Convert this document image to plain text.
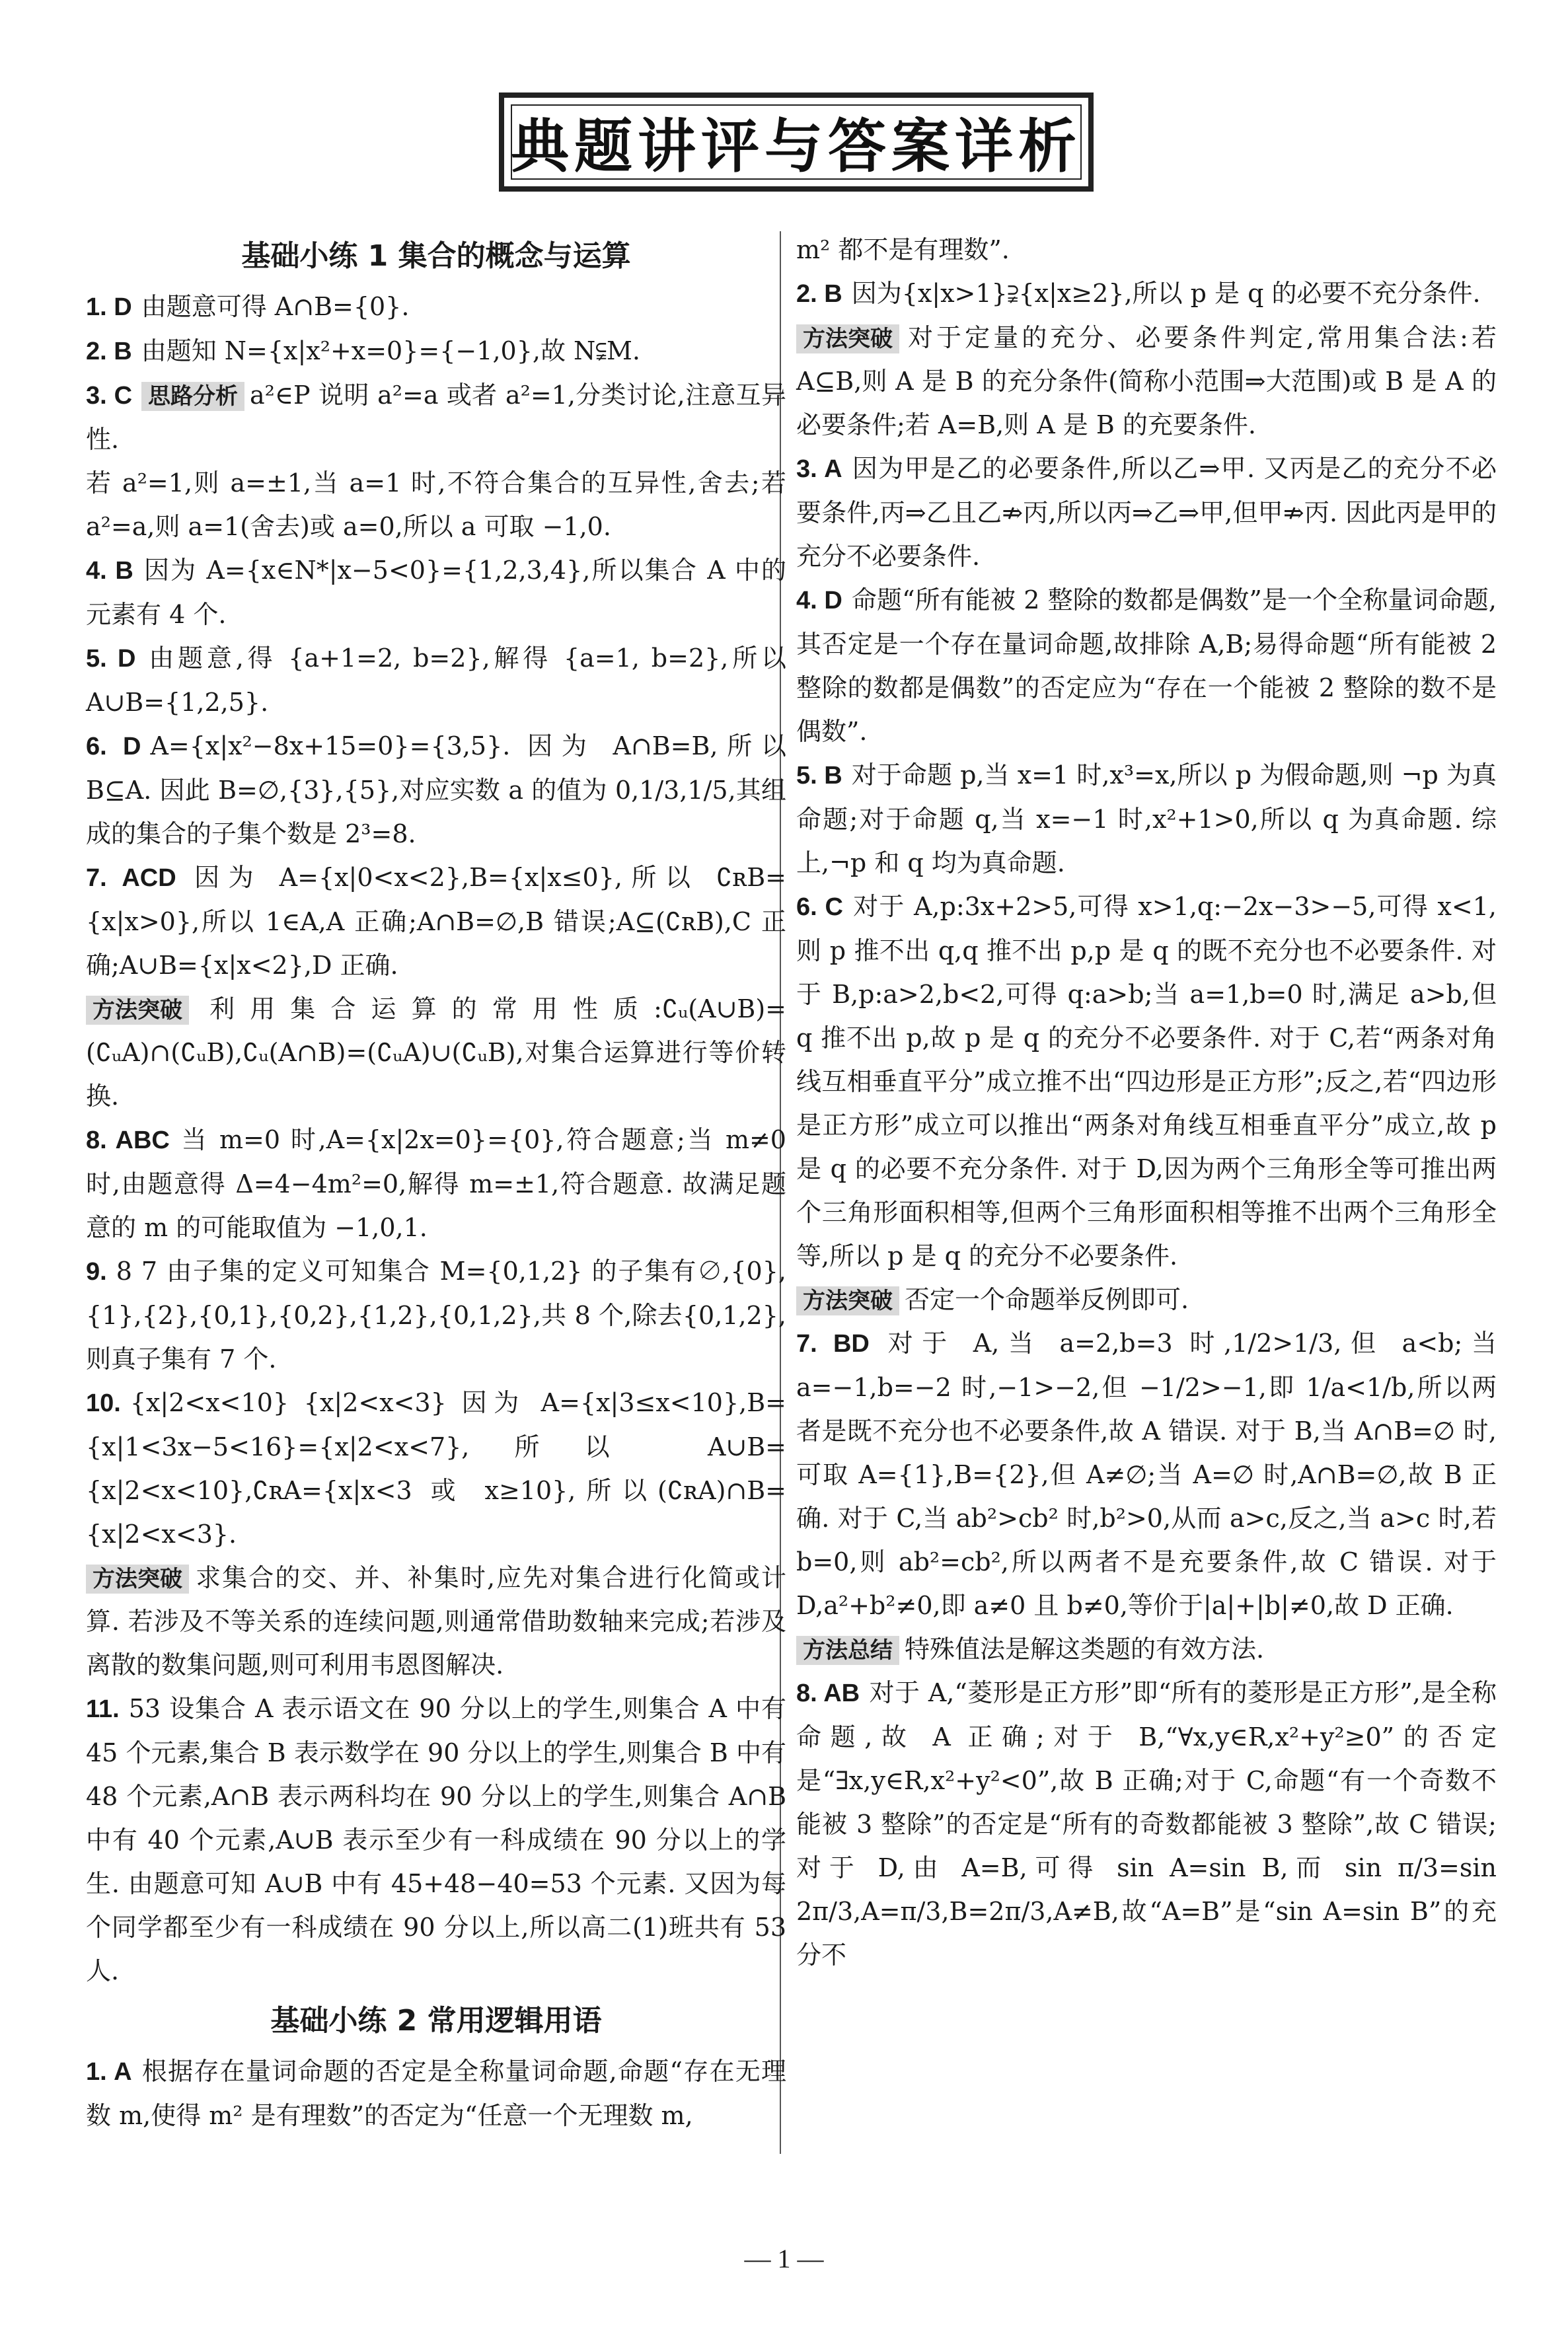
典题讲评与答案详析
基础小练 1 集合的概念与运算
1. D 由题意可得 A∩B={0}.
2. B 由题知 N={x|x²+x=0}={−1,0},故 N⫋M.
3. C 思路分析 a²∈P 说明 a²=a 或者 a²=1,分类讨论,注意互异性.
若 a²=1,则 a=±1,当 a=1 时,不符合集合的互异性,舍去;若 a²=a,则 a=1(舍去)或 a=0,所以 a 可取 −1,0.
4. B 因为 A={x∈N*|x−5<0}={1,2,3,4},所以集合 A 中的元素有 4 个.
5. D 由题意,得 {a+1=2, b=2},解得 {a=1, b=2},所以 A∪B={1,2,5}.
6. D A={x|x²−8x+15=0}={3,5}. 因为 A∩B=B,所以 B⊆A. 因此 B=∅,{3},{5},对应实数 a 的值为 0,1/3,1/5,其组成的集合的子集个数是 2³=8.
7. ACD 因为 A={x|0<x<2},B={x|x≤0},所以 ∁ʀB={x|x>0},所以 1∈A,A 正确;A∩B=∅,B 错误;A⊆(∁ʀB),C 正确;A∪B={x|x<2},D 正确.
方法突破 利用集合运算的常用性质:∁ᵤ(A∪B)=(∁ᵤA)∩(∁ᵤB),∁ᵤ(A∩B)=(∁ᵤA)∪(∁ᵤB),对集合运算进行等价转换.
8. ABC 当 m=0 时,A={x|2x=0}={0},符合题意;当 m≠0 时,由题意得 Δ=4−4m²=0,解得 m=±1,符合题意. 故满足题意的 m 的可能取值为 −1,0,1.
9. 8 7 由子集的定义可知集合 M={0,1,2} 的子集有∅,{0},{1},{2},{0,1},{0,2},{1,2},{0,1,2},共 8 个,除去{0,1,2},则真子集有 7 个.
10. {x|2<x<10} {x|2<x<3} 因为 A={x|3≤x<10},B={x|1<3x−5<16}={x|2<x<7},所以 A∪B={x|2<x<10},∁ʀA={x|x<3 或 x≥10},所以(∁ʀA)∩B={x|2<x<3}.
方法突破 求集合的交、并、补集时,应先对集合进行化简或计算. 若涉及不等关系的连续问题,则通常借助数轴来完成;若涉及离散的数集问题,则可利用韦恩图解决.
11. 53 设集合 A 表示语文在 90 分以上的学生,则集合 A 中有 45 个元素,集合 B 表示数学在 90 分以上的学生,则集合 B 中有 48 个元素,A∩B 表示两科均在 90 分以上的学生,则集合 A∩B 中有 40 个元素,A∪B 表示至少有一科成绩在 90 分以上的学生. 由题意可知 A∪B 中有 45+48−40=53 个元素. 又因为每个同学都至少有一科成绩在 90 分以上,所以高二(1)班共有 53 人.
基础小练 2 常用逻辑用语
1. A 根据存在量词命题的否定是全称量词命题,命题“存在无理数 m,使得 m² 是有理数”的否定为“任意一个无理数 m,
m² 都不是有理数”.
2. B 因为{x|x>1}⫌{x|x≥2},所以 p 是 q 的必要不充分条件.
方法突破 对于定量的充分、必要条件判定,常用集合法:若 A⊆B,则 A 是 B 的充分条件(简称小范围⇒大范围)或 B 是 A 的必要条件;若 A=B,则 A 是 B 的充要条件.
3. A 因为甲是乙的必要条件,所以乙⇒甲. 又丙是乙的充分不必要条件,丙⇒乙且乙⇏丙,所以丙⇒乙⇒甲,但甲⇏丙. 因此丙是甲的充分不必要条件.
4. D 命题“所有能被 2 整除的数都是偶数”是一个全称量词命题,其否定是一个存在量词命题,故排除 A,B;易得命题“所有能被 2 整除的数都是偶数”的否定应为“存在一个能被 2 整除的数不是偶数”.
5. B 对于命题 p,当 x=1 时,x³=x,所以 p 为假命题,则 ¬p 为真命题;对于命题 q,当 x=−1 时,x²+1>0,所以 q 为真命题. 综上,¬p 和 q 均为真命题.
6. C 对于 A,p:3x+2>5,可得 x>1,q:−2x−3>−5,可得 x<1,则 p 推不出 q,q 推不出 p,p 是 q 的既不充分也不必要条件. 对于 B,p:a>2,b<2,可得 q:a>b;当 a=1,b=0 时,满足 a>b,但 q 推不出 p,故 p 是 q 的充分不必要条件. 对于 C,若“两条对角线互相垂直平分”成立推不出“四边形是正方形”;反之,若“四边形是正方形”成立可以推出“两条对角线互相垂直平分”成立,故 p 是 q 的必要不充分条件. 对于 D,因为两个三角形全等可推出两个三角形面积相等,但两个三角形面积相等推不出两个三角形全等,所以 p 是 q 的充分不必要条件.
方法突破 否定一个命题举反例即可.
7. BD 对于 A,当 a=2,b=3 时,1/2>1/3,但 a<b;当 a=−1,b=−2 时,−1>−2,但 −1/2>−1,即 1/a<1/b,所以两者是既不充分也不必要条件,故 A 错误. 对于 B,当 A∩B=∅ 时,可取 A={1},B={2},但 A≠∅;当 A=∅ 时,A∩B=∅,故 B 正确. 对于 C,当 ab²>cb² 时,b²>0,从而 a>c,反之,当 a>c 时,若 b=0,则 ab²=cb²,所以两者不是充要条件,故 C 错误. 对于 D,a²+b²≠0,即 a≠0 且 b≠0,等价于|a|+|b|≠0,故 D 正确.
方法总结 特殊值法是解这类题的有效方法.
8. AB 对于 A,“菱形是正方形”即“所有的菱形是正方形”,是全称命题,故 A 正确;对于 B,“∀x,y∈R,x²+y²≥0”的否定是“∃x,y∈R,x²+y²<0”,故 B 正确;对于 C,命题“有一个奇数不能被 3 整除”的否定是“所有的奇数都能被 3 整除”,故 C 错误;对于 D,由 A=B,可得 sin A=sin B,而 sin π/3=sin 2π/3,A=π/3,B=2π/3,A≠B,故“A=B”是“sin A=sin B”的充分不
— 1 —
